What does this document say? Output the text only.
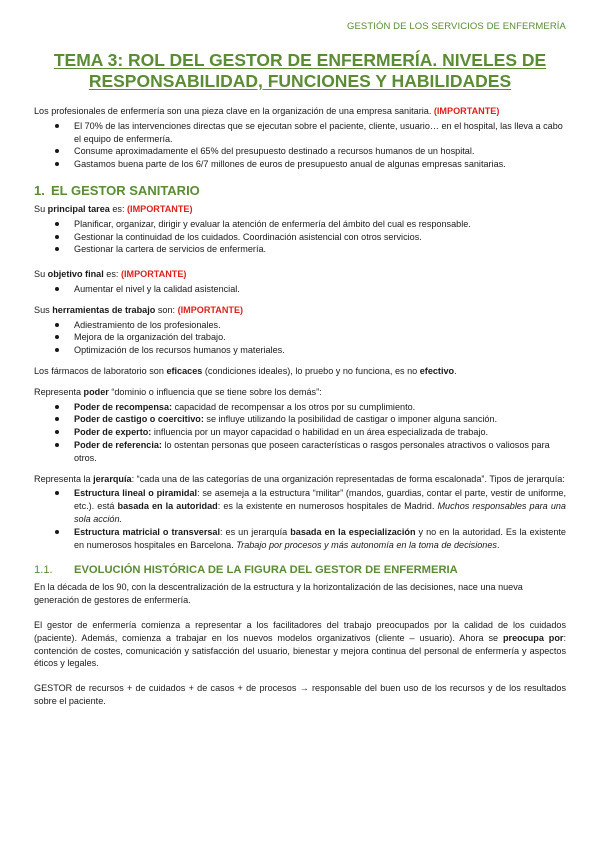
GESTIÓN DE LOS SERVICIOS DE ENFERMERÍA
TEMA 3: ROL DEL GESTOR DE ENFERMERÍA. NIVELES DE
RESPONSABILIDAD, FUNCIONES Y HABILIDADES

Los profesionales de enfermería son una pieza clave en la organización de una empresa sanitaria. (IMPORTANTE)

El 70% de las intervenciones directas que se ejecutan sobre el paciente, cliente, usuario… en el hospital, las lleva a cabo el equipo de enfermería.
Consume aproximadamente el 65% del presupuesto destinado a recursos humanos de un hospital.
Gastamos buena parte de los 6/7 millones de euros de presupuesto anual de algunas empresas sanitarias.
1. EL GESTOR SANITARIO

Su principal tarea es: (IMPORTANTE)

Planificar, organizar, dirigir y evaluar la atención de enfermería del ámbito del cual es responsable.
Gestionar la continuidad de los cuidados. Coordinación asistencial con otros servicios.
Gestionar la cartera de servicios de enfermería.

Su objetivo final es: (IMPORTANTE)

Aumentar el nivel y la calidad asistencial.

Sus herramientas de trabajo son: (IMPORTANTE)

Adiestramiento de los profesionales.
Mejora de la organización del trabajo.
Optimización de los recursos humanos y materiales.

Los fármacos de laboratorio son eficaces (condiciones ideales), lo pruebo y no funciona, es no efectivo.

Representa poder “dominio o influencia que se tiene sobre los demás”:

Poder de recompensa: capacidad de recompensar a los otros por su cumplimiento.
Poder de castigo o coercitivo: se influye utilizando la posibilidad de castigar o imponer alguna sanción.
Poder de experto: influencia por un mayor capacidad o habilidad en un área especializada de trabajo.
Poder de referencia: lo ostentan personas que poseen características o rasgos personales atractivos o valiosos para otros.

Representa la jerarquía: “cada una de las categorías de una organización representadas de forma escalonada”. Tipos de jerarquía:

Estructura lineal o piramidal: se asemeja a la estructura “militar” (mandos, guardias, contar el parte, vestir de uniforme, etc.). está basada en la autoridad: es la existente en numerosos hospitales de Madrid. Muchos responsables para una sola acción.
Estructura matricial o transversal: es un jerarquía basada en la especialización y no en la autoridad. Es la existente en numerosos hospitales en Barcelona. Trabajo por procesos y más autonomía en la toma de decisiones.
1.1. EVOLUCIÓN HISTÓRICA DE LA FIGURA DEL GESTOR DE ENFERMERIA

En la década de los 90, con la descentralización de la estructura y la horizontalización de las decisiones, nace una nueva generación de gestores de enfermería.

El gestor de enfermería comienza a representar a los facilitadores del trabajo preocupados por la calidad de los cuidados (paciente). Además, comienza a trabajar en los nuevos modelos organizativos (cliente – usuario). Ahora se preocupa por: contención de costes, comunicación y satisfacción del usuario, bienestar y mejora continua del personal de enfermería y aspectos éticos y legales.

GESTOR de recursos + de cuidados + de casos + de procesos → responsable del buen uso de los recursos y de los resultados sobre el paciente.
